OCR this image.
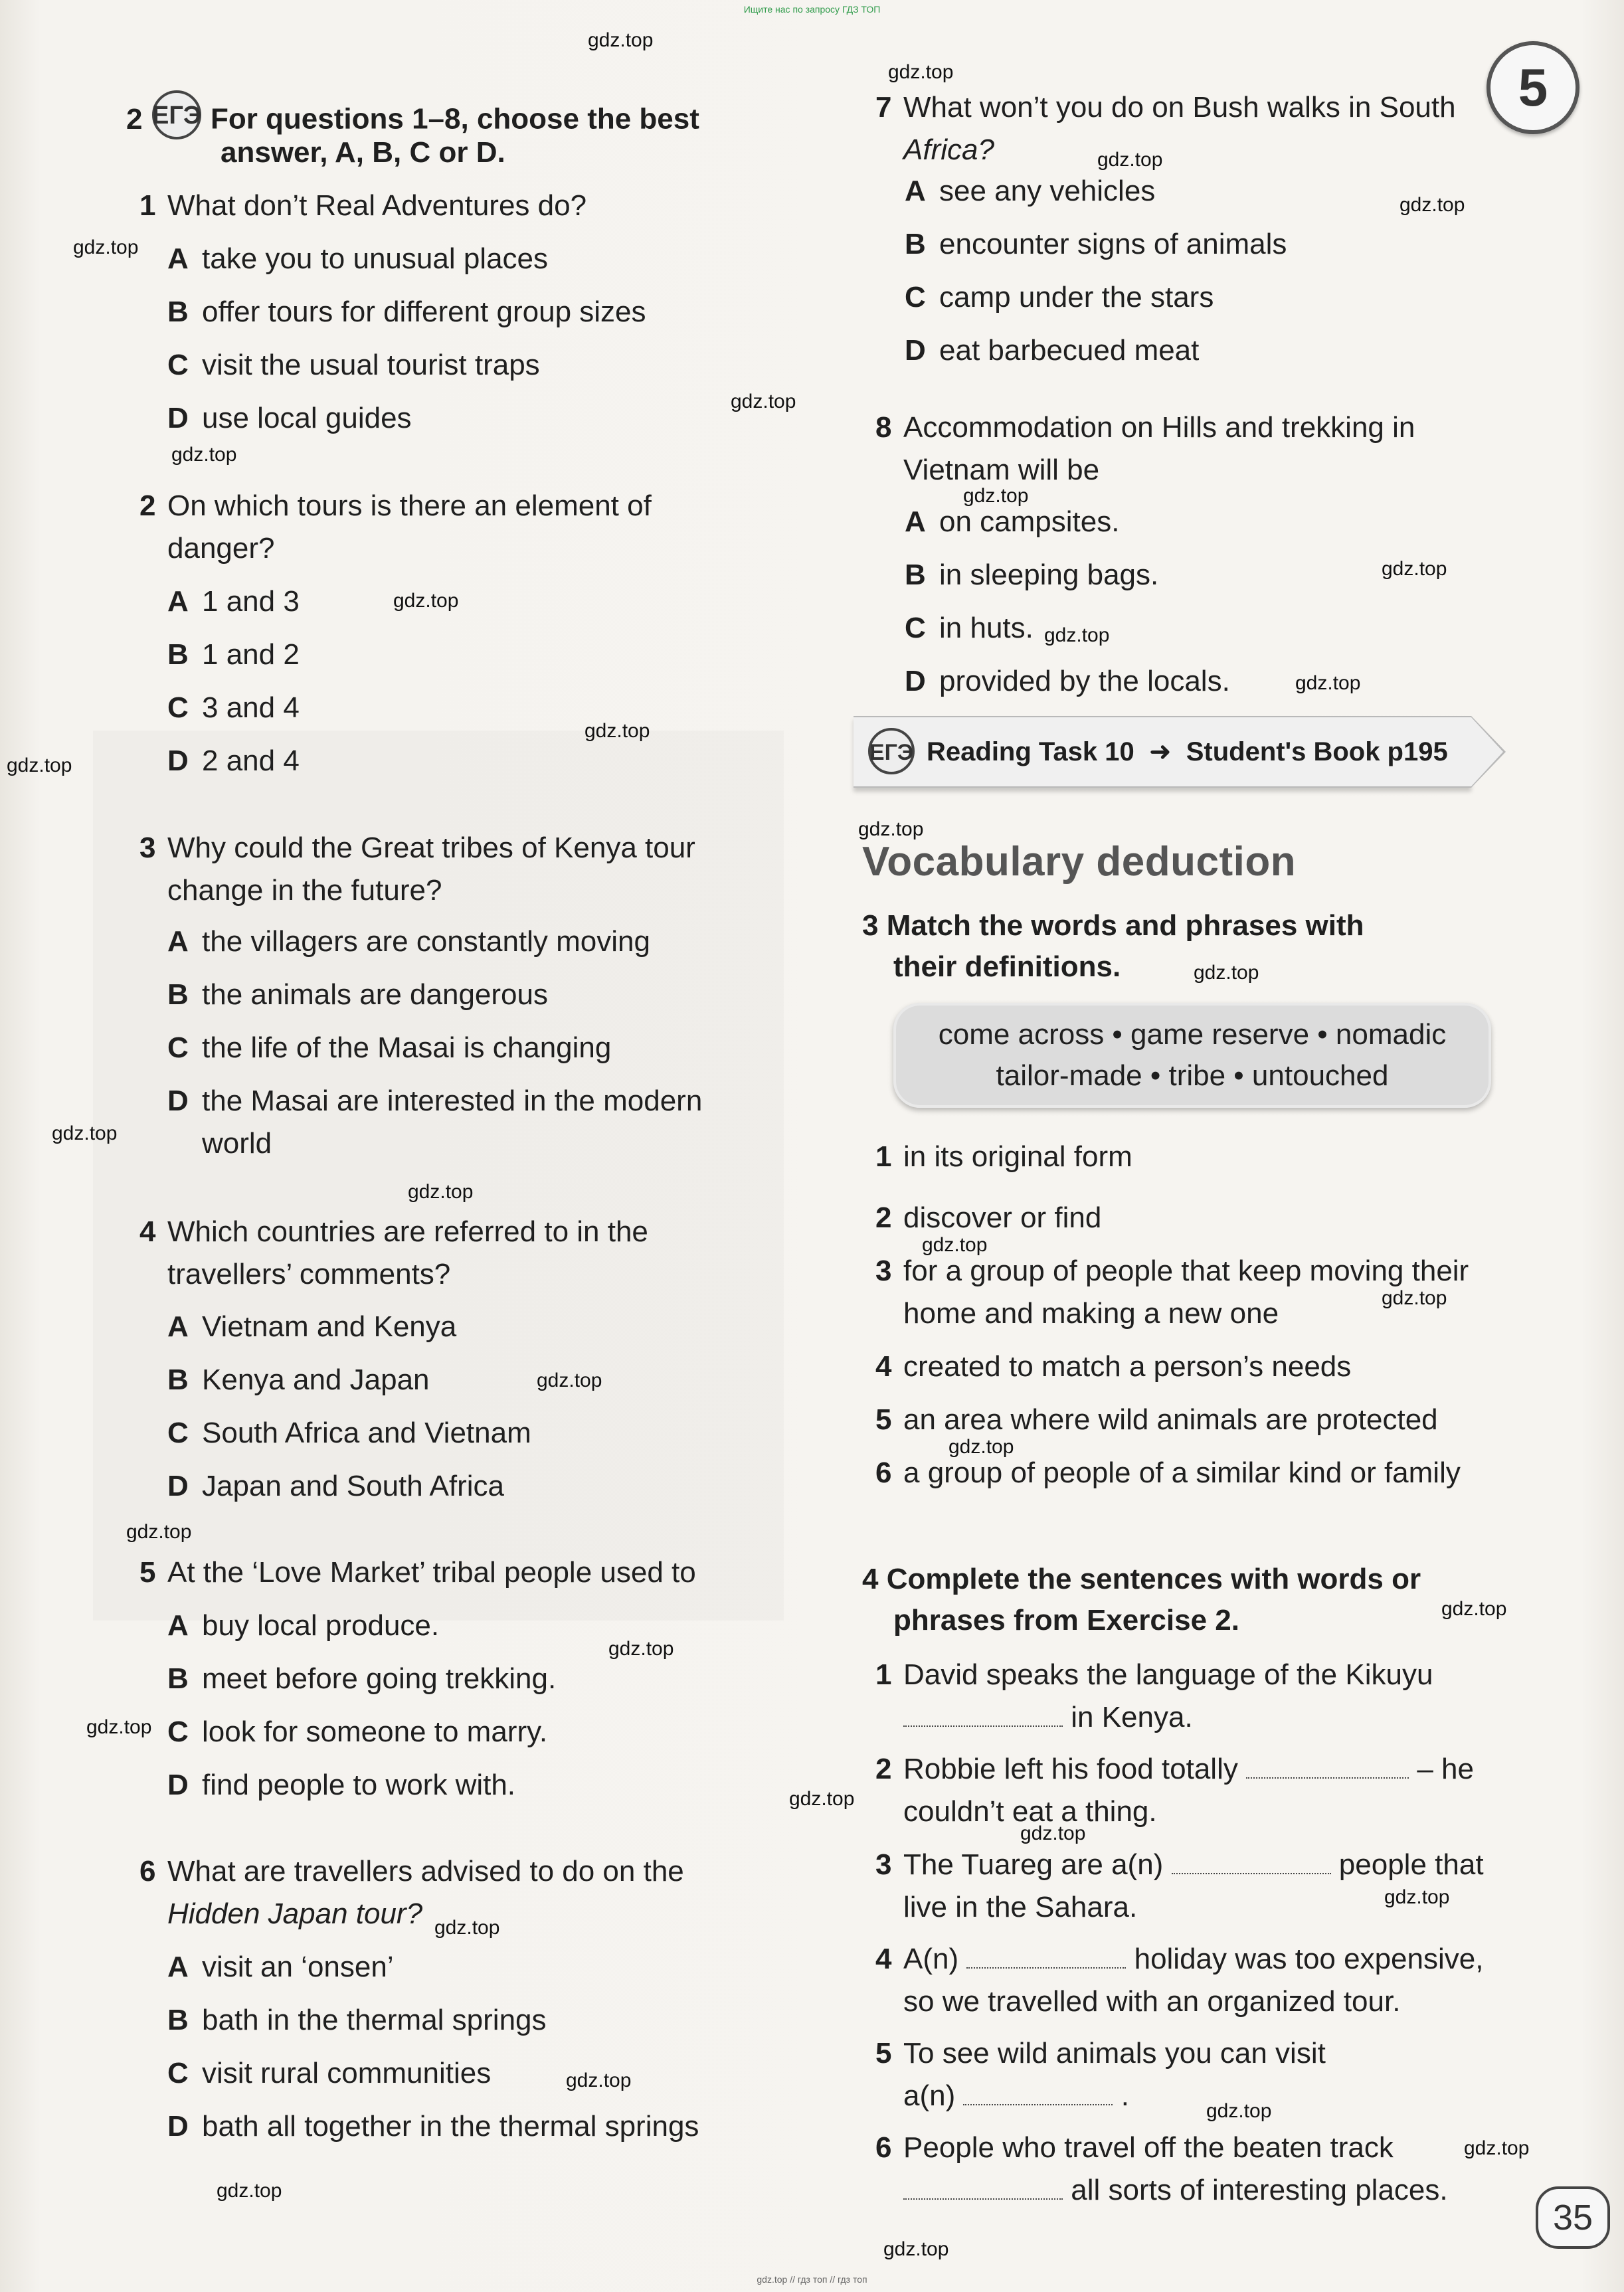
Ищите нас по запросу ГДЗ ТОП
5
2 ЕГЭ For questions 1–8, choose the best
answer, A, B, C or D.
1 What don’t Real Adventures do?
A take you to unusual places
B offer tours for different group sizes
C visit the usual tourist traps
D use local guides
2 On which tours is there an element of
danger?
A 1 and 3
B 1 and 2
C 3 and 4
D 2 and 4
3 Why could the Great tribes of Kenya tour
change in the future?
A the villagers are constantly moving
B the animals are dangerous
C the life of the Masai is changing
D the Masai are interested in the modern
world
4 Which countries are referred to in the
travellers’ comments?
A Vietnam and Kenya
B Kenya and Japan
C South Africa and Vietnam
D Japan and South Africa
5 At the ‘Love Market’ tribal people used to
A buy local produce.
B meet before going trekking.
C look for someone to marry.
D find people to work with.
6 What are travellers advised to do on the
Hidden Japan tour?
A visit an ‘onsen’
B bath in the thermal springs
C visit rural communities
D bath all together in the thermal springs
7 What won’t you do on Bush walks in South
Africa?
A see any vehicles
B encounter signs of animals
C camp under the stars
D eat barbecued meat
8 Accommodation on Hills and trekking in
Vietnam will be
A on campsites.
B in sleeping bags.
C in huts.
D provided by the locals.
ЕГЭ Reading Task 10 ➜ Student's Book p195
Vocabulary deduction
3 Match the words and phrases with
their definitions.
come across • game reserve • nomadic
tailor-made • tribe • untouched
1 in its original form
2 discover or find
3 for a group of people that keep moving their
home and making a new one
4 created to match a person’s needs
5 an area where wild animals are protected
6 a group of people of a similar kind or family
4 Complete the sentences with words or
phrases from Exercise 2.
1 David speaks the language of the Kikuyu
in Kenya.
2 Robbie left his food totally	– he
couldn’t eat a thing.
3 The Tuareg are a(n)	people that
live in the Sahara.
4 A(n)	holiday was too expensive,
so we travelled with an organized tour.
5 To see wild animals you can visit
a(n)	.
6 People who travel off the beaten track
all sorts of interesting places.
35
gdz.top
gdz.top
gdz.top
gdz.top
gdz.top
gdz.top
gdz.top
gdz.top
gdz.top
gdz.top
gdz.top
gdz.top
gdz.top
gdz.top
gdz.top
gdz.top
gdz.top
gdz.top
gdz.top
gdz.top
gdz.top
gdz.top
gdz.top
gdz.top
gdz.top
gdz.top
gdz.top
gdz.top
gdz.top
gdz.top
gdz.top
gdz.top
gdz.top
gdz.top
gdz.top
gdz.top // гдз топ // гдз топ
